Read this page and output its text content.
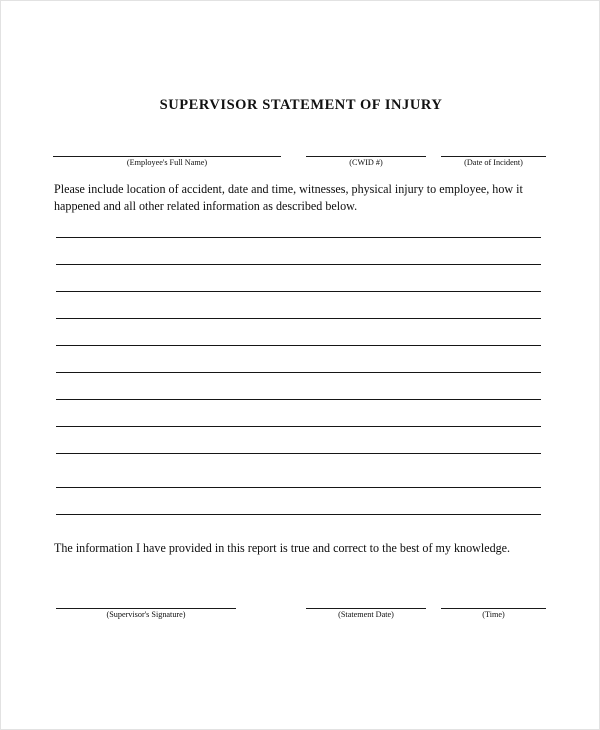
SUPERVISOR STATEMENT OF INJURY
(Employee's Full Name)	(CWID #)	(Date of Incident)
Please include location of accident, date and time, witnesses, physical injury to employee, how it happened and all other related information as described below.
The information I have provided in this report is true and correct to the best of my knowledge.
(Supervisor's Signature)	(Statement Date)	(Time)
